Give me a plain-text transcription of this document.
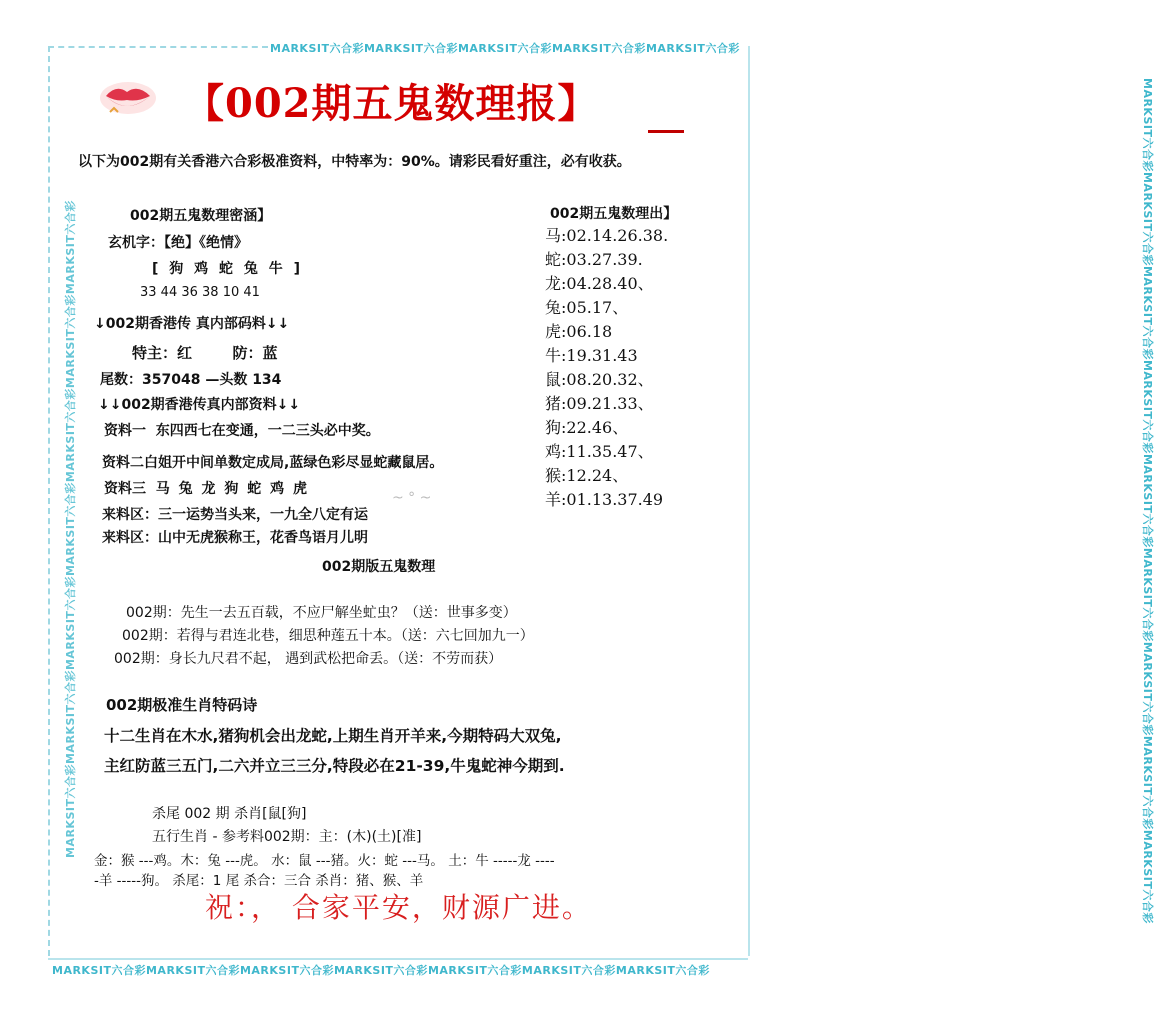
MARKSIT六合彩MARKSIT六合彩MARKSIT六合彩MARKSIT六合彩MARKSIT六合彩
MARKSIT六合彩MARKSIT六合彩MARKSIT六合彩MARKSIT六合彩MARKSIT六合彩MARKSIT六合彩MARKSIT六合彩
MARKSIT六合彩MARKSIT六合彩MARKSIT六合彩MARKSIT六合彩MARKSIT六合彩MARKSIT六合彩MARKSIT六合彩MARKSIT六合彩MARKSIT六合彩
MARKSIT六合彩MARKSIT六合彩MARKSIT六合彩MARKSIT六合彩MARKSIT六合彩MARKSIT六合彩MARKSIT六合彩
【002期五鬼数理报】
以下为002期有关香港六合彩极准资料，中特率为：90%。请彩民看好重注，必有收获。
002期五鬼数理密涵】
玄机字：【绝】《绝情》
[ 狗 鸡 蛇 兔 牛 ]
33 44 36 38 10 41
↓002期香港传 真内部码料↓↓
特主：红	防：蓝
尾数：357048 —头数 134
↓↓002期香港传真内部资料↓↓
资料一 东四西七在变通，一二三头必中奖。
资料二白姐开中间单数定成局,蓝绿色彩尽显蛇藏鼠居。
资料三 马 兔 龙 狗 蛇 鸡 虎
来料区：三一运势当头来，一九全八定有运
来料区：山中无虎猴称王，花香鸟语月儿明
~ ° ~
002期五鬼数理出】
马:02.14.26.38.
蛇:03.27.39.
龙:04.28.40、
兔:05.17、
虎:06.18
牛:19.31.43
鼠:08.20.32、
猪:09.21.33、
狗:22.46、
鸡:11.35.47、
猴:12.24、
羊:01.13.37.49
002期版五鬼数理
002期：先生一去五百载，不应尸解坐虻虫？（送：世事多变）
002期：若得与君连北巷，细思种莲五十本。（送：六七回加九一）
002期：身长九尺君不起， 遇到武松把命丢。（送：不劳而获）
002期极准生肖特码诗
十二生肖在木水,猪狗机会出龙蛇,上期生肖开羊来,今期特码大双兔,
主红防蓝三五门,二六并立三三分,特段必在21-39,牛鬼蛇神今期到.
杀尾 002 期 杀肖[鼠[狗]
五行生肖 - 参考料002期：主：(木)(土)[准]
金：猴 ---鸡。木：兔 ---虎。 水：鼠 ---猪。火：蛇 ---马。 土：牛 -----龙 ----
-羊 -----狗。 杀尾：1 尾 杀合：三合 杀肖：猪、猴、羊
祝：， 合家平安，财源广进。
